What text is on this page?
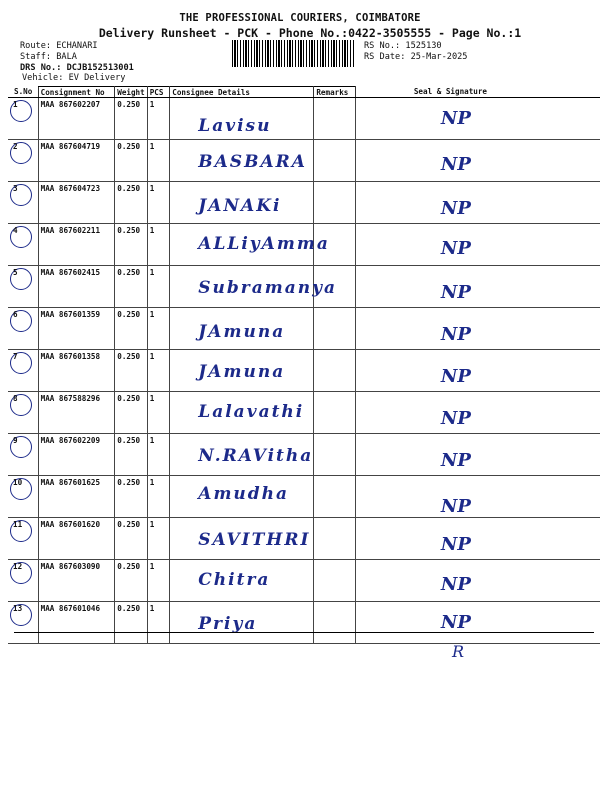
THE PROFESSIONAL COURIERS, COIMBATORE
Delivery Runsheet - PCK - Phone No.:0422-3505555 - Page No.:1
Route: ECHANARI
Staff: BALA
DRS No.: DCJB152513001
Vehicle: EV Delivery
RS No.: 1525130
RS Date: 25-Mar-2025
S.No	Consignment No	Weight	PCS	Consignee Details	Remarks	Seal & Signature
1	MAA 867602207	0.250	1	Lavisu		NP

2	MAA 867604719	0.250	1	BASBARA		NP

3	MAA 867604723	0.250	1	JANAKi		NP

4	MAA 867602211	0.250	1	ALLiyAmma		NP

5	MAA 867602415	0.250	1	Subramanya		NP

6	MAA 867601359	0.250	1	JAmuna		NP

7	MAA 867601358	0.250	1	JAmuna		NP

8	MAA 867588296	0.250	1	Lalavathi		NP

9	MAA 867602209	0.250	1	N.RAVitha		NP

10	MAA 867601625	0.250	1	Amudha		NP

11	MAA 867601620	0.250	1	SAVITHRI		NP

12	MAA 867603090	0.250	1	Chitra		NP

13	MAA 867601046	0.250	1	Priya		NP
R
